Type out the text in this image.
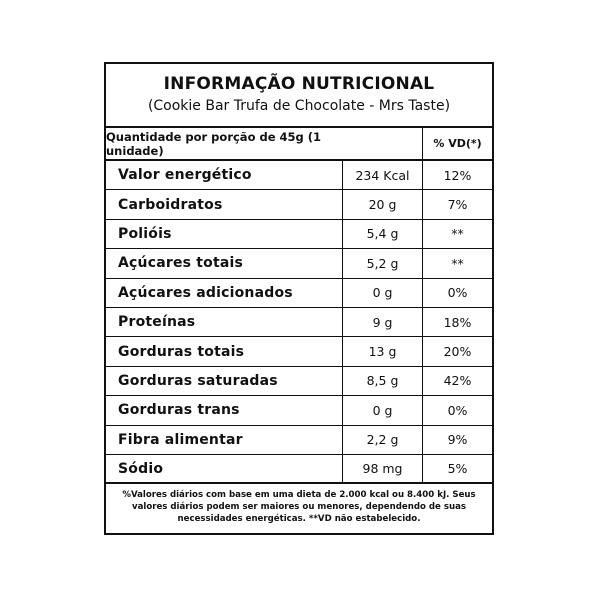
INFORMAÇÃO NUTRICIONAL
(Cookie Bar Trufa de Chocolate - Mrs Taste)
Quantidade por porção de 45g (1 unidade)	% VD(*)
Valor energético	234 Kcal	12%
Carboidratos	20 g	7%
Polióis	5,4 g	**
Açúcares totais	5,2 g	**
Açúcares adicionados	0 g	0%
Proteínas	9 g	18%
Gorduras totais	13 g	20%
Gorduras saturadas	8,5 g	42%
Gorduras trans	0 g	0%
Fibra alimentar	2,2 g	9%
Sódio	98 mg	5%
%Valores diários com base em uma dieta de 2.000 kcal ou 8.400 kJ. Seus valores diários podem ser maiores ou menores, dependendo de suas necessidades energéticas. **VD não estabelecido.
